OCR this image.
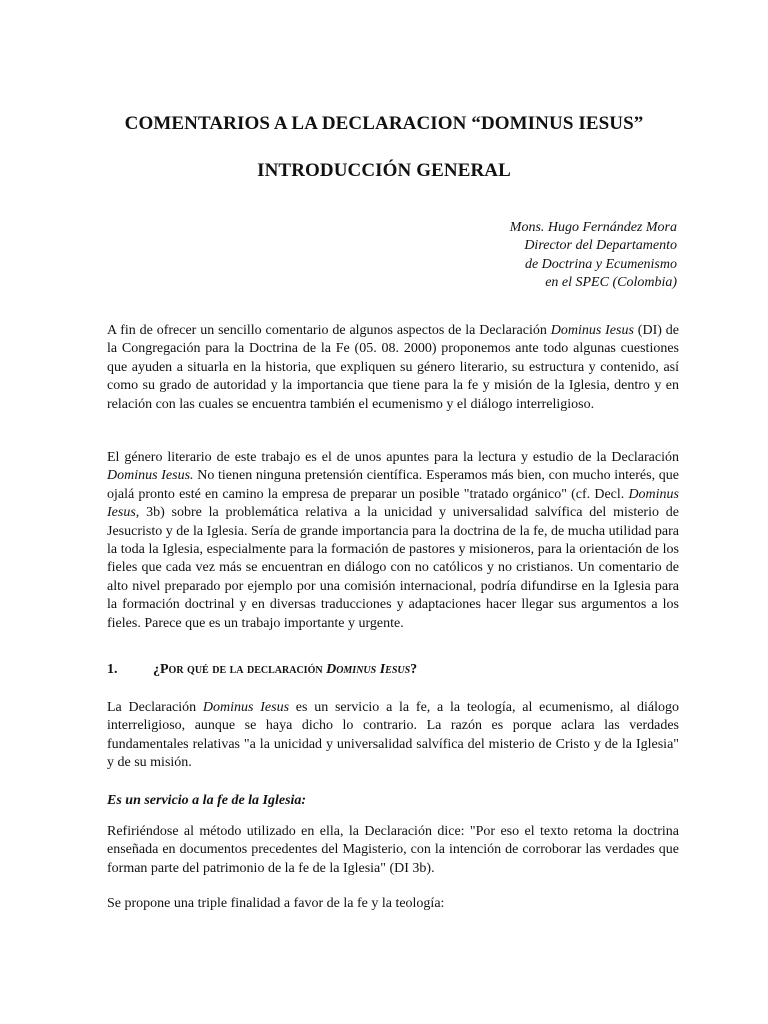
COMENTARIOS A LA DECLARACION “DOMINUS IESUS”
INTRODUCCIÓN GENERAL
Mons. Hugo Fernández Mora
Director del Departamento
de Doctrina y Ecumenismo
en el SPEC (Colombia)

A fin de ofrecer un sencillo comentario de algunos aspectos de la Declaración Dominus Iesus (DI) de la Congregación para la Doctrina de la Fe (05. 08. 2000) proponemos ante todo algunas cuestiones que ayuden a situarla en la historia, que expliquen su género literario, su estructura y contenido, así como su grado de autoridad y la importancia que tiene para la fe y misión de la Iglesia, dentro y en relación con las cuales se encuentra también el ecumenismo y el diálogo interreligioso.

El género literario de este trabajo es el de unos apuntes para la lectura y estudio de la Declaración Dominus Iesus. No tienen ninguna pretensión científica. Esperamos más bien, con mucho interés, que ojalá pronto esté en camino la empresa de preparar un posible "tratado orgánico" (cf. Decl. Dominus Iesus, 3b) sobre la problemática relativa a la unicidad y universalidad salvífica del misterio de Jesucristo y de la Iglesia. Sería de grande importancia para la doctrina de la fe, de mucha utilidad para la toda la Iglesia, especialmente para la formación de pastores y misioneros, para la orientación de los fieles que cada vez más se encuentran en diálogo con no católicos y no cristianos. Un comentario de alto nivel preparado por ejemplo por una comisión internacional, podría difundirse en la Iglesia para la formación doctrinal y en diversas traducciones y adaptaciones hacer llegar sus argumentos a los fieles. Parece que es un trabajo importante y urgente.

1.	¿Por qué de la declaración Dominus Iesus?

La Declaración Dominus Iesus es un servicio a la fe, a la teología, al ecumenismo, al diálogo interreligioso, aunque se haya dicho lo contrario. La razón es porque aclara las verdades fundamentales relativas "a la unicidad y universalidad salvífica del misterio de Cristo y de la Iglesia" y de su misión.

Es un servicio a la fe de la Iglesia:

Refiriéndose al método utilizado en ella, la Declaración dice: "Por eso el texto retoma la doctrina enseñada en documentos precedentes del Magisterio, con la intención de corroborar las verdades que forman parte del patrimonio de la fe de la Iglesia" (DI 3b).

Se propone una triple finalidad a favor de la fe y la teología:
